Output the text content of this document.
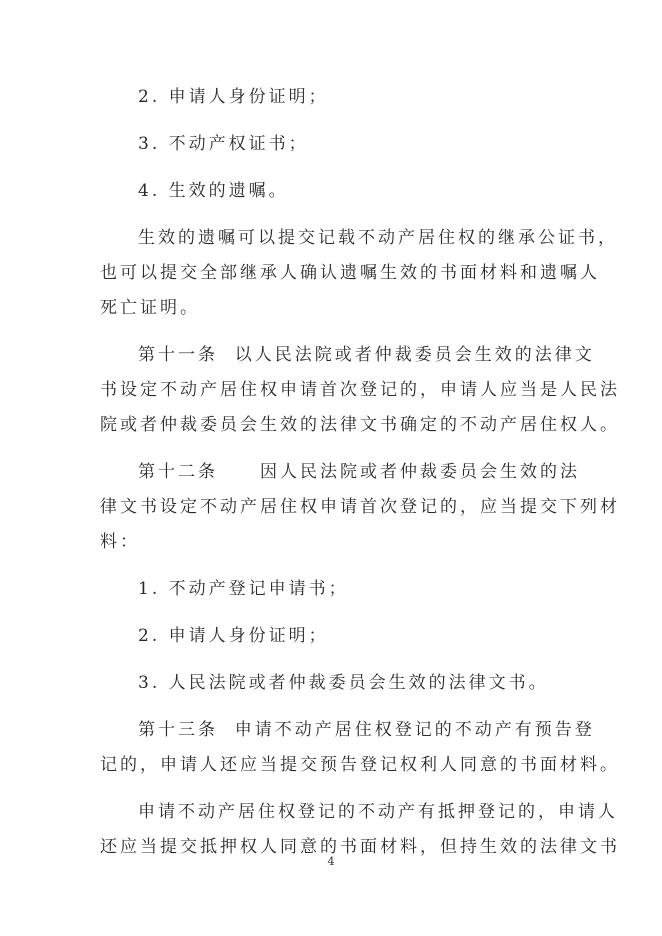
2. 申请人身份证明；
3. 不动产权证书；
4. 生效的遗嘱。
生效的遗嘱可以提交记载不动产居住权的继承公证书，
也可以提交全部继承人确认遗嘱生效的书面材料和遗嘱人
死亡证明。
第十一条  以人民法院或者仲裁委员会生效的法律文
书设定不动产居住权申请首次登记的，申请人应当是人民法
院或者仲裁委员会生效的法律文书确定的不动产居住权人。
第十二条     因人民法院或者仲裁委员会生效的法
律文书设定不动产居住权申请首次登记的，应当提交下列材
料：
1. 不动产登记申请书；
2. 申请人身份证明；
3. 人民法院或者仲裁委员会生效的法律文书。
第十三条  申请不动产居住权登记的不动产有预告登
记的，申请人还应当提交预告登记权利人同意的书面材料。
申请不动产居住权登记的不动产有抵押登记的，申请人
还应当提交抵押权人同意的书面材料，但持生效的法律文书
4
